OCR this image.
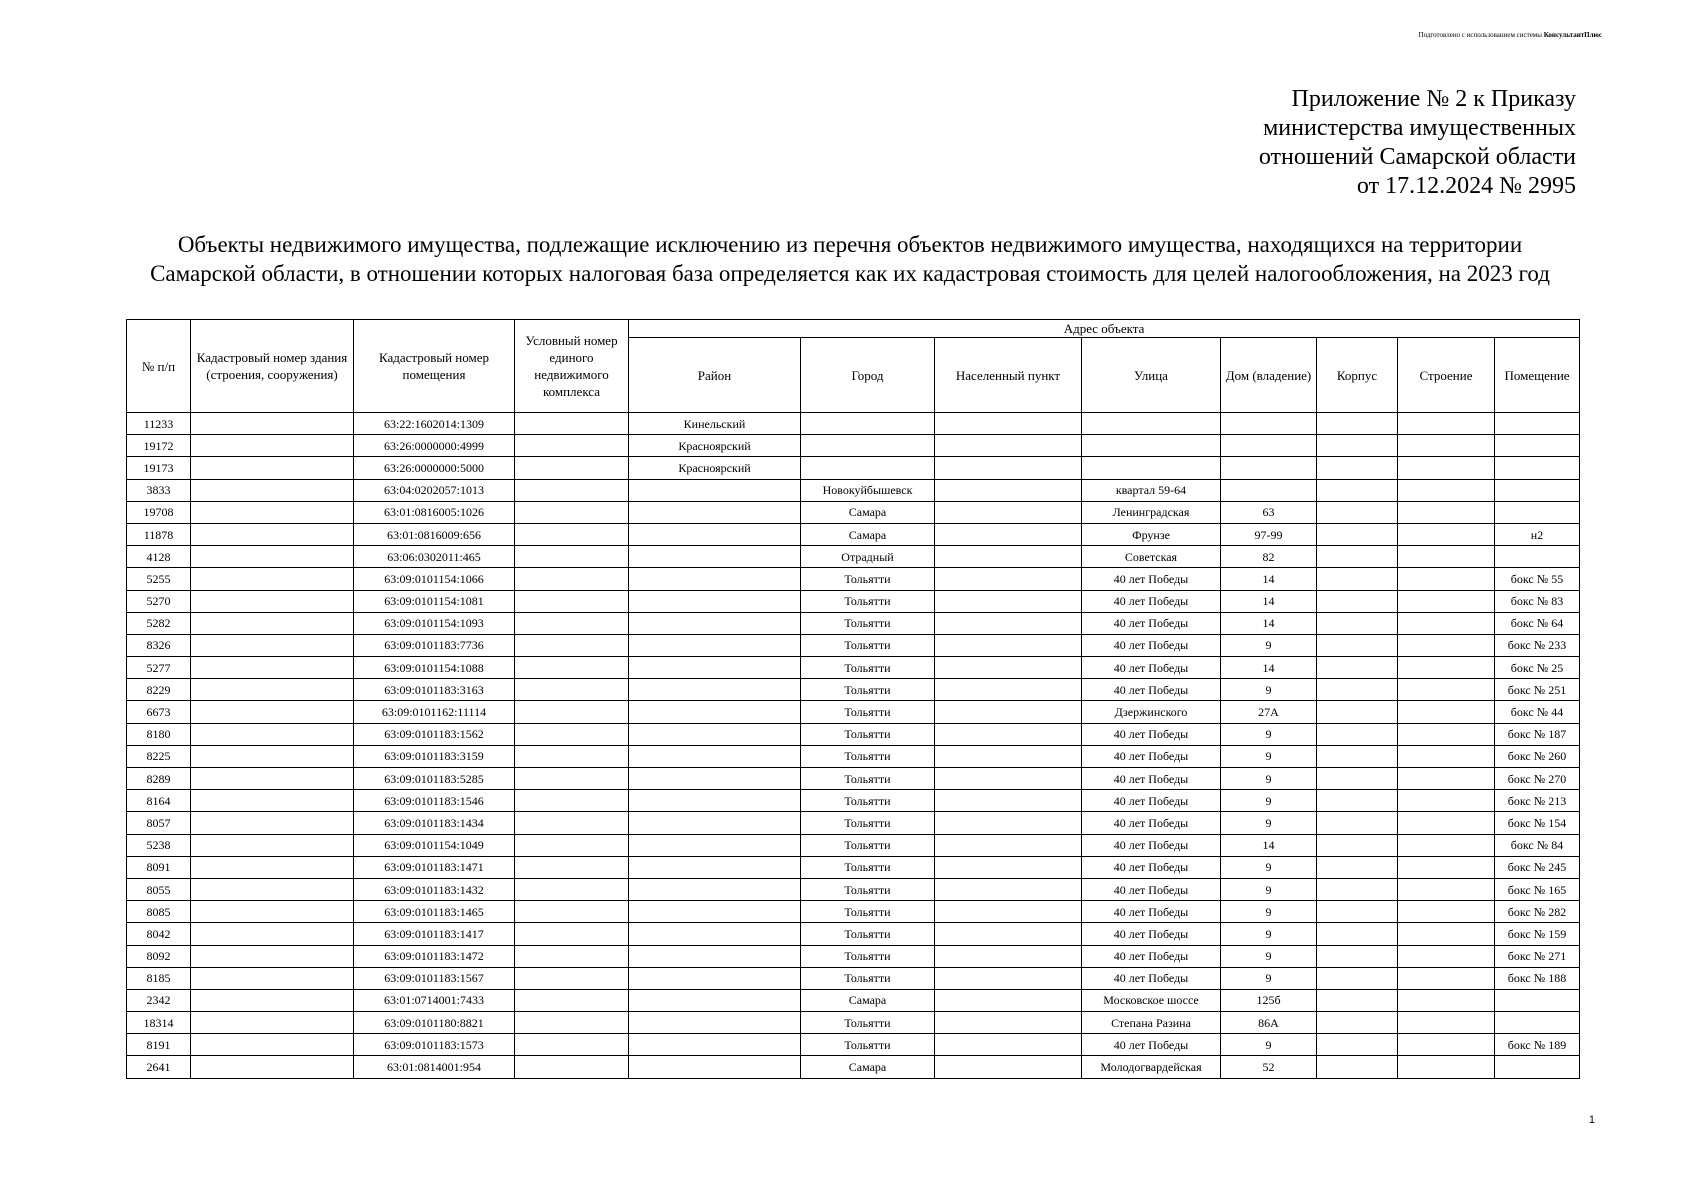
Подготовлено с использованием системы КонсультантПлюс
Приложение № 2 к Приказу
министерства имущественных
отношений Самарской области
от 17.12.2024 № 2995
Объекты недвижимого имущества, подлежащие исключению из перечня объектов недвижимого имущества, находящихся на территории Самарской области, в отношении которых налоговая база определяется как их кадастровая стоимость для целей налогообложения, на 2023 год
№ п/п	Кадастровый номер здания (строения, сооружения)	Кадастровый номер помещения	Условный номер единого недвижимого комплекса	Адрес объекта							
				Район	Город	Населенный пункт	Улица	Дом (владение)	Корпус	Строение	Помещение
11233		63:22:1602014:1309		Кинельский							
19172		63:26:0000000:4999		Красноярский							
19173		63:26:0000000:5000		Красноярский							
3833		63:04:0202057:1013			Новокуйбышевск		квартал 59-64				
19708		63:01:0816005:1026			Самара		Ленинградская	63			
11878		63:01:0816009:656			Самара		Фрунзе	97-99			н2
4128		63:06:0302011:465			Отрадный		Советская	82			
5255		63:09:0101154:1066			Тольятти		40 лет Победы	14			бокс № 55
5270		63:09:0101154:1081			Тольятти		40 лет Победы	14			бокс № 83
5282		63:09:0101154:1093			Тольятти		40 лет Победы	14			бокс № 64
8326		63:09:0101183:7736			Тольятти		40 лет Победы	9			бокс № 233
5277		63:09:0101154:1088			Тольятти		40 лет Победы	14			бокс № 25
8229		63:09:0101183:3163			Тольятти		40 лет Победы	9			бокс № 251
6673		63:09:0101162:11114			Тольятти		Дзержинского	27А			бокс № 44
8180		63:09:0101183:1562			Тольятти		40 лет Победы	9			бокс № 187
8225		63:09:0101183:3159			Тольятти		40 лет Победы	9			бокс № 260
8289		63:09:0101183:5285			Тольятти		40 лет Победы	9			бокс № 270
8164		63:09:0101183:1546			Тольятти		40 лет Победы	9			бокс № 213
8057		63:09:0101183:1434			Тольятти		40 лет Победы	9			бокс № 154
5238		63:09:0101154:1049			Тольятти		40 лет Победы	14			бокс № 84
8091		63:09:0101183:1471			Тольятти		40 лет Победы	9			бокс № 245
8055		63:09:0101183:1432			Тольятти		40 лет Победы	9			бокс № 165
8085		63:09:0101183:1465			Тольятти		40 лет Победы	9			бокс № 282
8042		63:09:0101183:1417			Тольятти		40 лет Победы	9			бокс № 159
8092		63:09:0101183:1472			Тольятти		40 лет Победы	9			бокс № 271
8185		63:09:0101183:1567			Тольятти		40 лет Победы	9			бокс № 188
2342		63:01:0714001:7433			Самара		Московское шоссе	125б			
18314		63:09:0101180:8821			Тольятти		Степана Разина	86А			
8191		63:09:0101183:1573			Тольятти		40 лет Победы	9			бокс № 189
2641		63:01:0814001:954			Самара		Молодогвардейская	52			
1
